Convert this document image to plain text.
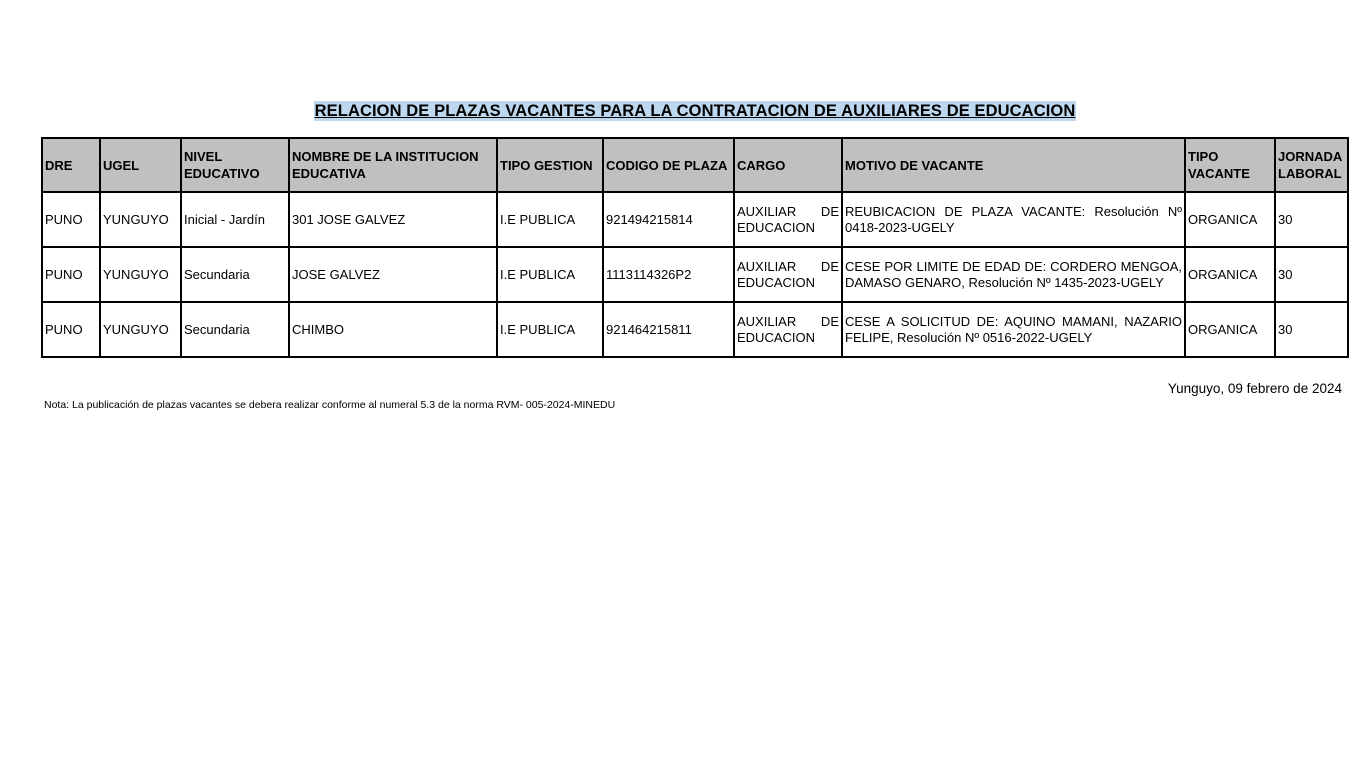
RELACION DE PLAZAS VACANTES PARA LA CONTRATACION DE AUXILIARES DE EDUCACION
DRE	UGEL	NIVEL EDUCATIVO	NOMBRE DE LA INSTITUCION EDUCATIVA	TIPO GESTION	CODIGO DE PLAZA	CARGO	MOTIVO DE VACANTE	TIPO VACANTE	JORNADA LABORAL
PUNO	YUNGUYO	Inicial - Jardín	301 JOSE GALVEZ	I.E PUBLICA	921494215814	AUXILIAR DE EDUCACION	REUBICACION DE PLAZA VACANTE: Resolución Nº 0418-2023-UGELY	ORGANICA	30
PUNO	YUNGUYO	Secundaria	JOSE GALVEZ	I.E PUBLICA	1113114326P2	AUXILIAR DE EDUCACION	CESE POR LIMITE DE EDAD DE: CORDERO MENGOA, DAMASO GENARO, Resolución Nº 1435-2023-UGELY	ORGANICA	30
PUNO	YUNGUYO	Secundaria	CHIMBO	I.E PUBLICA	921464215811	AUXILIAR DE EDUCACION	CESE A SOLICITUD DE: AQUINO MAMANI, NAZARIO FELIPE, Resolución Nº 0516-2022-UGELY	ORGANICA	30
Yunguyo, 09 febrero de 2024
Nota: La publicación de plazas vacantes se debera realizar conforme al numeral 5.3 de la norma RVM- 005-2024-MINEDU
